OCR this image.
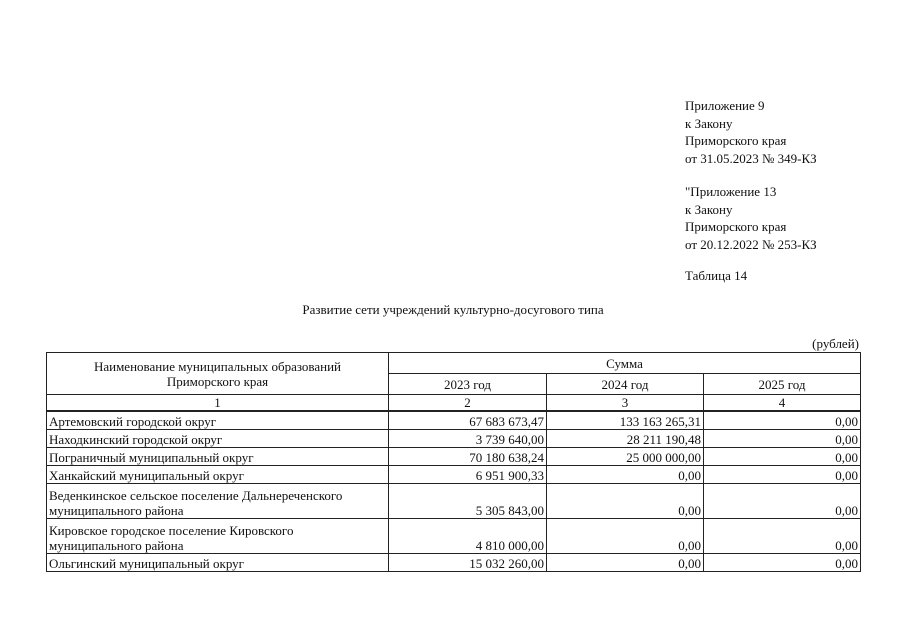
Приложение 9
к Закону
Приморского края
от 31.05.2023 № 349-КЗ
"Приложение 13
к Закону
Приморского края
от 20.12.2022 № 253-КЗ
Таблица 14
Развитие сети учреждений культурно-досугового типа
(рублей)
Наименование муниципальных образований Приморского края	Сумма		
	2023 год	2024 год	2025 год
1	2	3	4
Артемовский городской округ	67 683 673,47	133 163 265,31	0,00
Находкинский городской округ	3 739 640,00	28 211 190,48	0,00
Пограничный муниципальный округ	70 180 638,24	25 000 000,00	0,00
Ханкайский муниципальный округ	6 951 900,33	0,00	0,00
Веденкинское сельское поселение Дальнереченского муниципального района	5 305 843,00	0,00	0,00
Кировское городское поселение Кировского муниципального района	4 810 000,00	0,00	0,00
Ольгинский муниципальный округ	15 032 260,00	0,00	0,00
